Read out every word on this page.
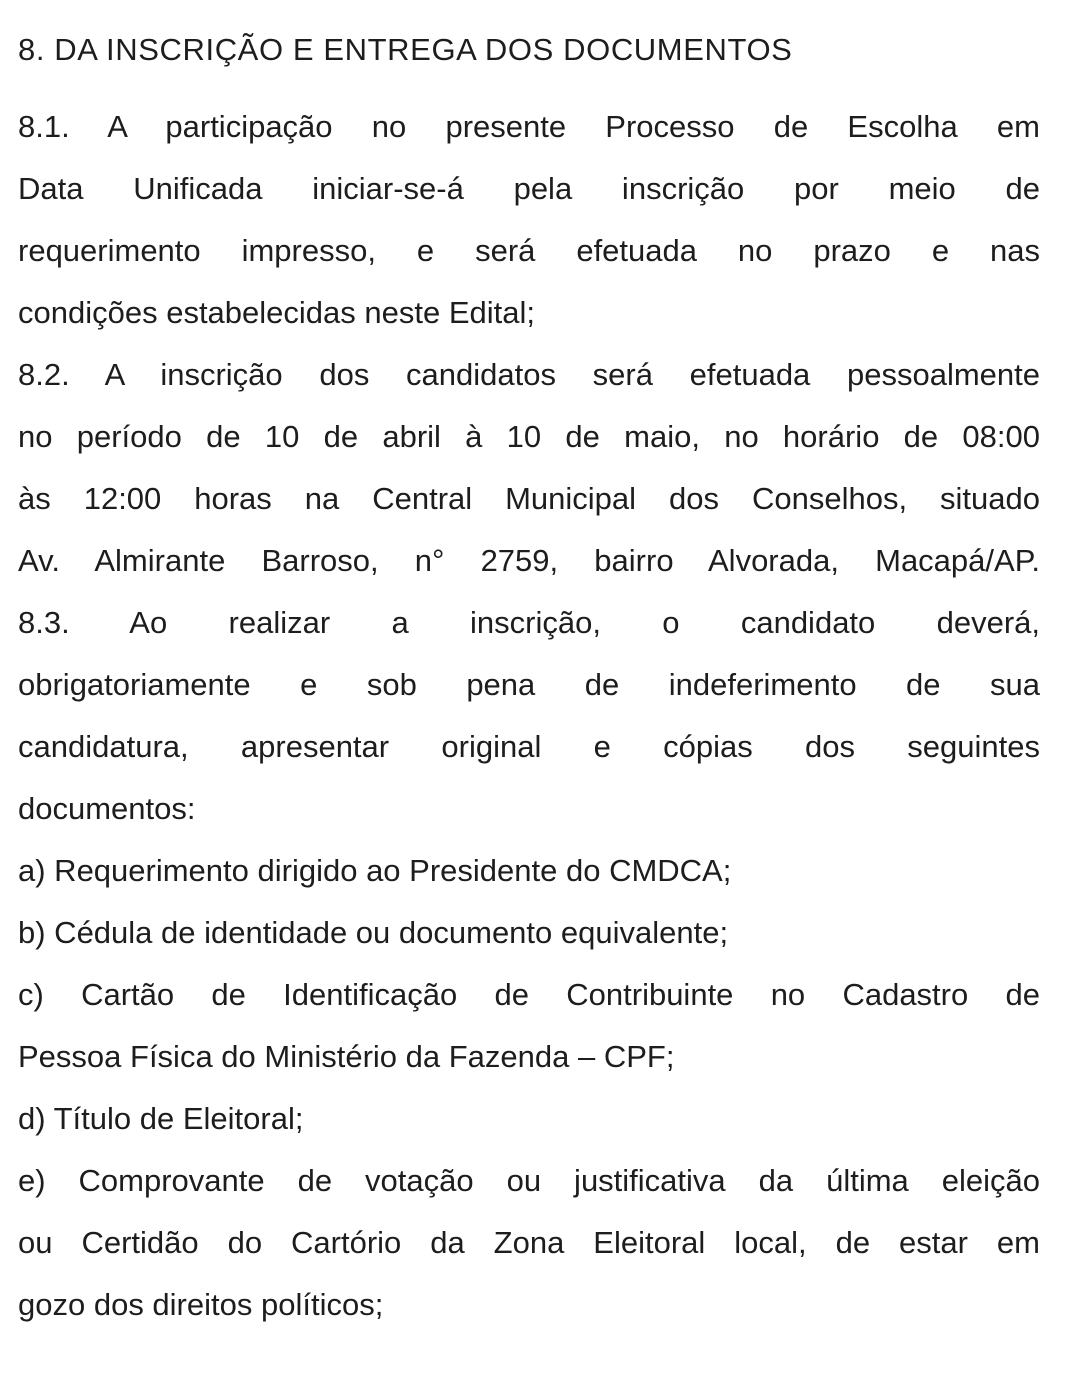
8. DA INSCRIÇÃO E ENTREGA DOS DOCUMENTOS

8.1. A participação no presente Processo de Escolha em

Data Unificada iniciar-se-á pela inscrição por meio de

requerimento impresso, e será efetuada no prazo e nas

condições estabelecidas neste Edital;

8.2. A inscrição dos candidatos será efetuada pessoalmente

no período de 10 de abril à 10 de maio, no horário de 08:00

às 12:00 horas na Central Municipal dos Conselhos, situado

Av. Almirante Barroso, n° 2759, bairro Alvorada, Macapá/AP.

8.3. Ao realizar a inscrição, o candidato deverá,

obrigatoriamente e sob pena de indeferimento de sua

candidatura, apresentar original e cópias dos seguintes

documentos:

a) Requerimento dirigido ao Presidente do CMDCA;

b) Cédula de identidade ou documento equivalente;

c) Cartão de Identificação de Contribuinte no Cadastro de

Pessoa Física do Ministério da Fazenda – CPF;

d) Título de Eleitoral;

e) Comprovante de votação ou justificativa da última eleição

ou Certidão do Cartório da Zona Eleitoral local, de estar em

gozo dos direitos políticos;
